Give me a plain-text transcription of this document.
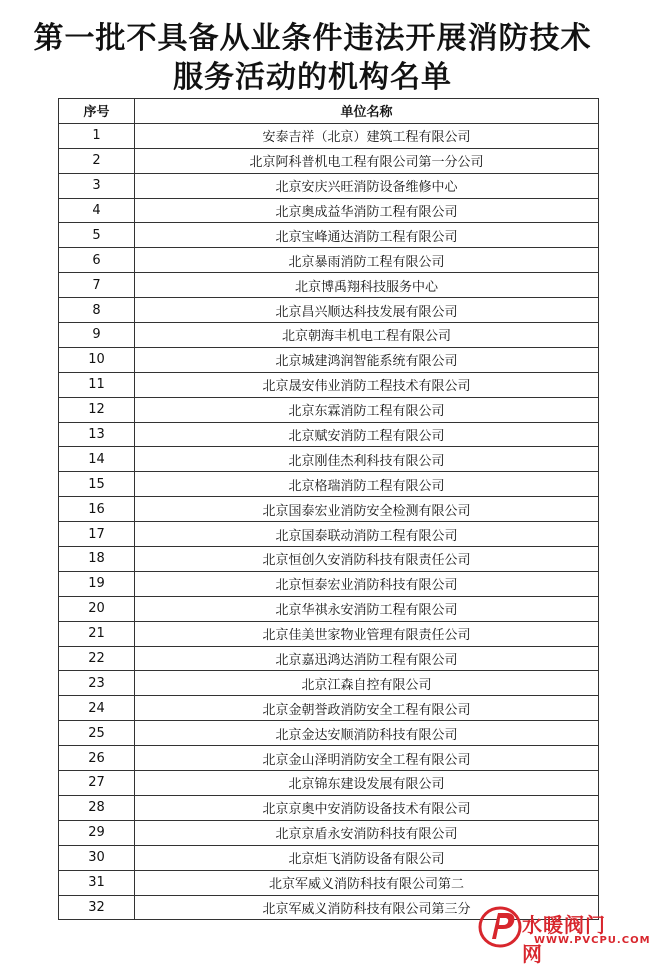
第一批不具备从业条件违法开展消防技术
服务活动的机构名单
序号	单位名称
1	安泰吉祥（北京）建筑工程有限公司
2	北京阿科普机电工程有限公司第一分公司
3	北京安庆兴旺消防设备维修中心
4	北京奥成益华消防工程有限公司
5	北京宝峰通达消防工程有限公司
6	北京暴雨消防工程有限公司
7	北京博禹翔科技服务中心
8	北京昌兴顺达科技发展有限公司
9	北京朝海丰机电工程有限公司
10	北京城建鸿润智能系统有限公司
11	北京晟安伟业消防工程技术有限公司
12	北京东霖消防工程有限公司
13	北京赋安消防工程有限公司
14	北京刚佳杰利科技有限公司
15	北京格瑞消防工程有限公司
16	北京国泰宏业消防安全检测有限公司
17	北京国泰联动消防工程有限公司
18	北京恒创久安消防科技有限责任公司
19	北京恒泰宏业消防科技有限公司
20	北京华祺永安消防工程有限公司
21	北京佳美世家物业管理有限责任公司
22	北京嘉迅鸿达消防工程有限公司
23	北京江森自控有限公司
24	北京金朝誉政消防安全工程有限公司
25	北京金达安顺消防科技有限公司
26	北京金山泽明消防安全工程有限公司
27	北京锦东建设发展有限公司
28	北京京奥中安消防设备技术有限公司
29	北京京盾永安消防科技有限公司
30	北京炬飞消防设备有限公司
31	北京军威义消防科技有限公司第二
32	北京军威义消防科技有限公司第三分
水暖阀门网
WWW.PVCPU.COM
